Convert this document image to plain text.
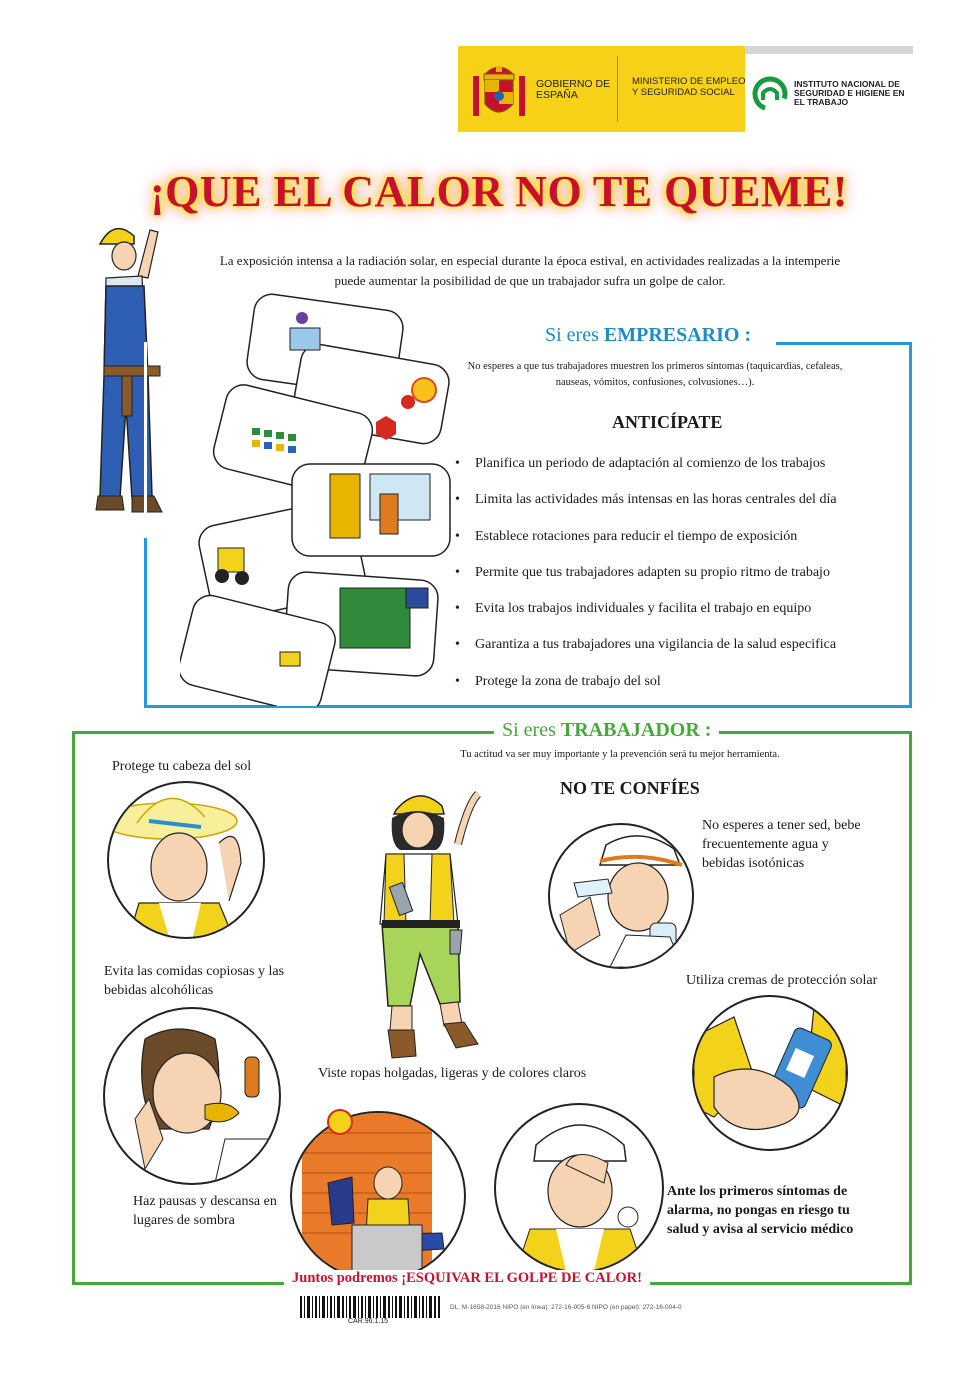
GOBIERNO DE ESPAÑA
MINISTERIO DE EMPLEO Y SEGURIDAD SOCIAL
INSTITUTO NACIONAL DE SEGURIDAD E HIGIENE EN EL TRABAJO
¡QUE EL CALOR NO TE QUEME!
La exposición intensa a la radiación solar, en especial durante la época estival, en actividades realizadas a la intemperie puede aumentar la posibilidad de que un trabajador sufra un golpe de calor.
Si eres EMPRESARIO :
No esperes a que tus trabajadores muestren los primeros síntomas (taquicardias, cefaleas, nauseas, vómitos, confusiones, colvusiones…).
ANTICÍPATE
• Planifica un periodo de adaptación al comienzo de los trabajos
• Limita las actividades más intensas en las horas centrales del día
• Establece rotaciones para reducir el tiempo de exposición
• Permite que tus trabajadores adapten su propio ritmo de trabajo
• Evita los trabajos individuales y facilita el trabajo en equipo
• Garantiza a tus trabajadores una vigilancia de la salud especifica
• Protege la zona de trabajo del sol
Si eres TRABAJADOR :
Tu actitud va ser muy importante y la prevención será tu mejor herramienta.
NO TE CONFÍES
Protege tu cabeza del sol
No esperes a tener sed, bebe frecuentemente agua y bebidas isotónicas
Evita las comidas copiosas y las bebidas alcohólicas
Utiliza cremas de protección solar
Viste ropas holgadas, ligeras y de colores claros
Haz pausas y descansa en lugares de sombra
Ante los primeros síntomas de alarma, no pongas en riesgo tu salud y avisa al servicio médico
Juntos podremos ¡ESQUIVAR EL GOLPE DE CALOR!
CAR.96.1.15
DL: M-1658-2016 NIPO (en línea): 272-16-005-6 NIPO (en papel): 272-16-004-0
